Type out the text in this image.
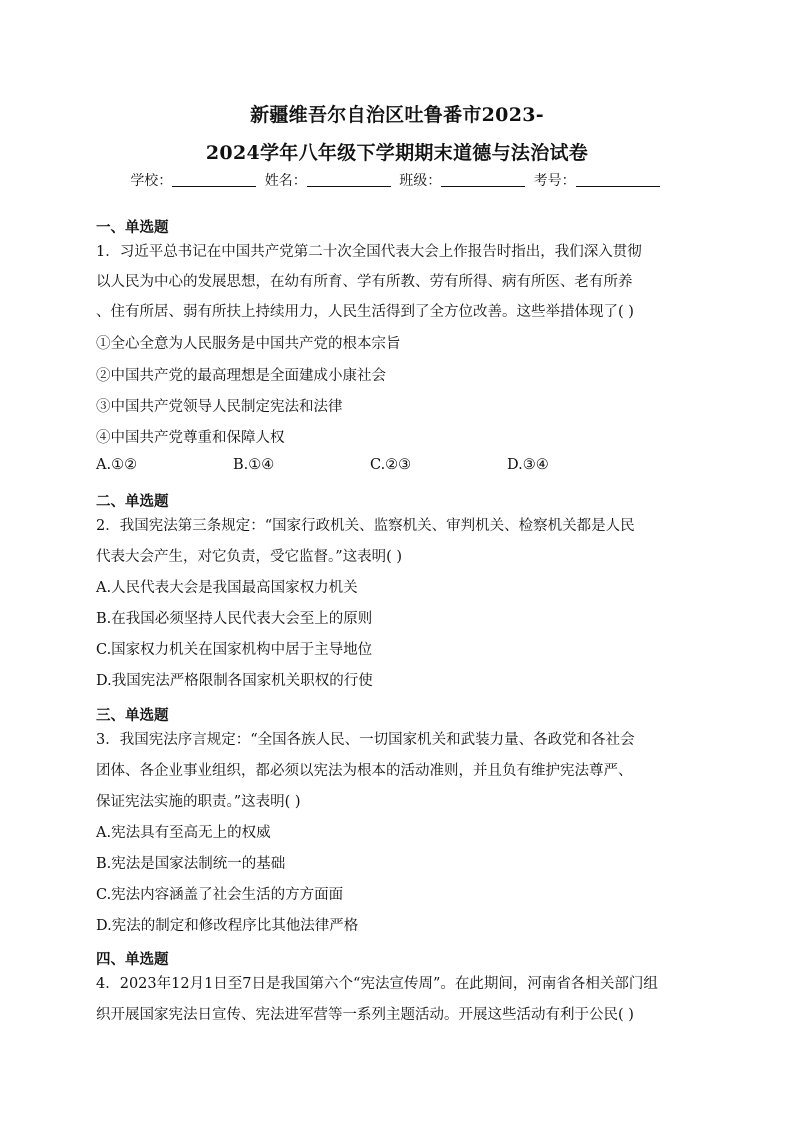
新疆维吾尔自治区吐鲁番市2023-
2024学年八年级下学期期末道德与法治试卷
学校：	姓名：	班级：	考号：
一、单选题
1．习近平总书记在中国共产党第二十次全国代表大会上作报告时指出，我们深入贯彻
以人民为中心的发展思想，在幼有所育、学有所教、劳有所得、病有所医、老有所养
、住有所居、弱有所扶上持续用力，人民生活得到了全方位改善。这些举措体现了( )
①全心全意为人民服务是中国共产党的根本宗旨
②中国共产党的最高理想是全面建成小康社会
③中国共产党领导人民制定宪法和法律
④中国共产党尊重和保障人权
A.①②	B.①④	C.②③	D.③④
二、单选题
2．我国宪法第三条规定：“国家行政机关、监察机关、审判机关、检察机关都是人民
代表大会产生，对它负责，受它监督。”这表明( )
A.人民代表大会是我国最高国家权力机关
B.在我国必须坚持人民代表大会至上的原则
C.国家权力机关在国家机构中居于主导地位
D.我国宪法严格限制各国家机关职权的行使
三、单选题
3．我国宪法序言规定：“全国各族人民、一切国家机关和武装力量、各政党和各社会
团体、各企业事业组织，都必须以宪法为根本的活动准则，并且负有维护宪法尊严、
保证宪法实施的职责。”这表明( )
A.宪法具有至高无上的权威
B.宪法是国家法制统一的基础
C.宪法内容涵盖了社会生活的方方面面
D.宪法的制定和修改程序比其他法律严格
四、单选题
4．2023年12月1日至7日是我国第六个“宪法宣传周”。在此期间，河南省各相关部门组
织开展国家宪法日宣传、宪法进军营等一系列主题活动。开展这些活动有利于公民( )
